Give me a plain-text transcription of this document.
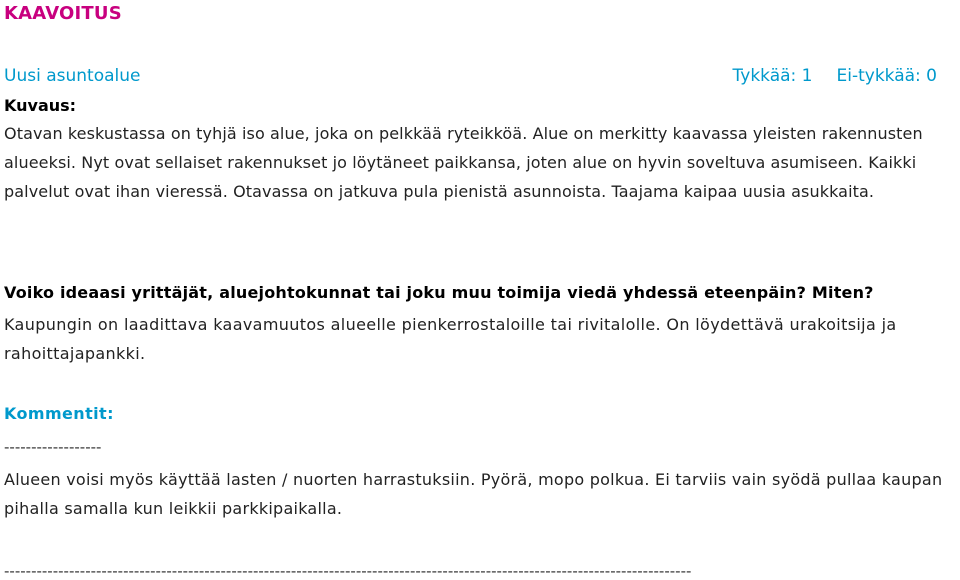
KAAVOITUS
Uusi asuntoalue	Tykkää: 1 Ei-tykkää: 0
Kuvaus:
Otavan keskustassa on tyhjä iso alue, joka on pelkkää ryteikköä. Alue on merkitty kaavassa yleisten rakennusten alueeksi. Nyt ovat sellaiset rakennukset jo löytäneet paikkansa, joten alue on hyvin soveltuva asumiseen. Kaikki palvelut ovat ihan vieressä. Otavassa on jatkuva pula pienistä asunnoista. Taajama kaipaa uusia asukkaita.
Voiko ideaasi yrittäjät, aluejohtokunnat tai joku muu toimija viedä yhdessä eteenpäin? Miten?
Kaupungin on laadittava kaavamuutos alueelle pienkerrostaloille tai rivitalolle. On löydettävä urakoitsija ja rahoittajapankki.
Kommentit:
------------------
Alueen voisi myös käyttää lasten / nuorten harrastuksiin. Pyörä, mopo polkua. Ei tarviis vain syödä pullaa kaupan pihalla samalla kun leikkii parkkipaikalla.
-------------------------------------------------------------------------------------------------------------------------------
